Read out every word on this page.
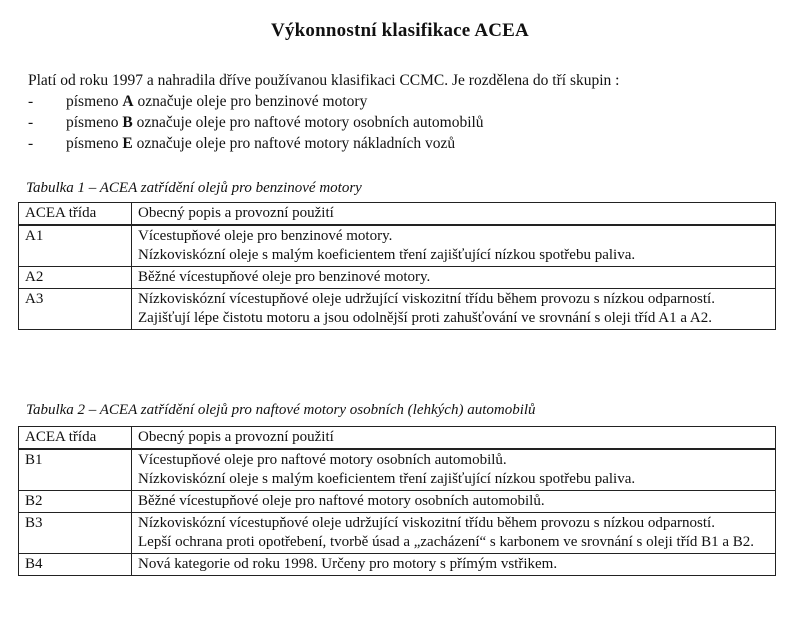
Výkonnostní klasifikace ACEA
Platí od roku 1997 a nahradila dříve používanou klasifikaci CCMC. Je rozdělena do tří skupin :
-	písmeno A označuje oleje pro benzinové motory
-	písmeno B označuje oleje pro naftové motory osobních automobilů
-	písmeno E označuje oleje pro naftové motory nákladních vozů
Tabulka 1 – ACEA zatřídění olejů pro benzinové motory
ACEA třída	Obecný popis a provozní použití
A1	Vícestupňové oleje pro benzinové motory.
Nízkoviskózní oleje s malým koeficientem tření zajišťující nízkou spotřebu paliva.

A2	Běžné vícestupňové oleje pro benzinové motory.

A3	Nízkoviskózní vícestupňové oleje udržující viskozitní třídu během provozu s nízkou odparností.
Zajišťují lépe čistotu motoru a jsou odolnější proti zahušťování ve srovnání s oleji tříd A1 a A2.
Tabulka 2 – ACEA zatřídění olejů pro naftové motory osobních (lehkých) automobilů
ACEA třída	Obecný popis a provozní použití
B1	Vícestupňové oleje pro naftové motory osobních automobilů.
Nízkoviskózní oleje s malým koeficientem tření zajišťující nízkou spotřebu paliva.

B2	Běžné vícestupňové oleje pro naftové motory osobních automobilů.

B3	Nízkoviskózní vícestupňové oleje udržující viskozitní třídu během provozu s nízkou odparností.
Lepší ochrana proti opotřebení, tvorbě úsad a „zacházení“ s karbonem ve srovnání s oleji tříd B1 a B2.

B4	Nová kategorie od roku 1998. Určeny pro motory s přímým vstřikem.
